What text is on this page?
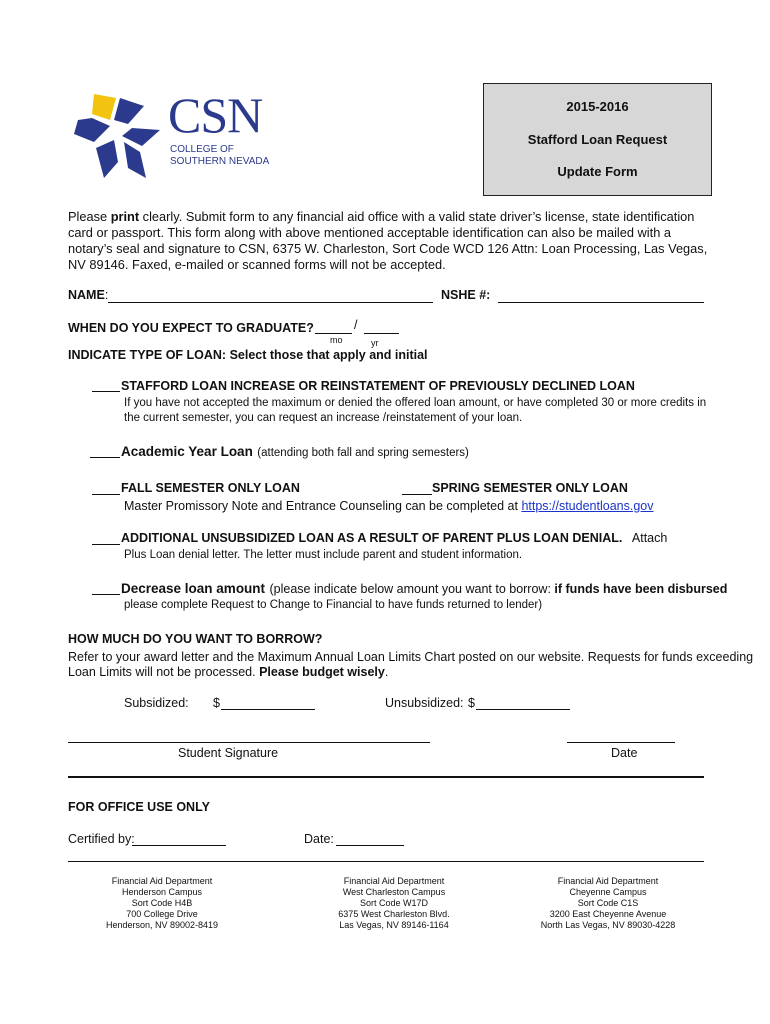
CSN
COLLEGE OF
SOUTHERN NEVADA
2015-2016
Stafford Loan Request
Update Form
Please print clearly. Submit form to any financial aid office with a valid state driver’s license, state identification card or passport. This form along with above mentioned acceptable identification can also be mailed with a notary’s seal and signature to CSN, 6375 W. Charleston, Sort Code WCD 126 Attn: Loan Processing, Las Vegas, NV 89146. Faxed, e-mailed or scanned forms will not be accepted.
NAME:	NSHE #:
WHEN DO YOU EXPECT TO GRADUATE?	/
mo	yr
INDICATE TYPE OF LOAN: Select those that apply and initial
STAFFORD LOAN INCREASE OR REINSTATEMENT OF PREVIOUSLY DECLINED LOAN
If you have not accepted the maximum or denied the offered loan amount, or have completed 30 or more credits in
the current semester, you can request an increase /reinstatement of your loan.
Academic Year Loan (attending both fall and spring semesters)
FALL SEMESTER ONLY LOAN	SPRING SEMESTER ONLY LOAN
Master Promissory Note and Entrance Counseling can be completed at https://studentloans.gov
ADDITIONAL UNSUBSIDIZED LOAN AS A RESULT OF PARENT PLUS LOAN DENIAL. Attach
Plus Loan denial letter. The letter must include parent and student information.
Decrease loan amount (please indicate below amount you want to borrow: if funds have been disbursed
please complete Request to Change to Financial to have funds returned to lender)
HOW MUCH DO YOU WANT TO BORROW?
Refer to your award letter and the Maximum Annual Loan Limits Chart posted on our website. Requests for funds exceeding
Loan Limits will not be processed. Please budget wisely.
Subsidized: $	Unsubsidized: $
Student Signature	Date
FOR OFFICE USE ONLY
Certified by:	Date:
Financial Aid Department
Henderson Campus
Sort Code H4B
700 College Drive
Henderson, NV 89002-8419
Financial Aid Department
West Charleston Campus
Sort Code W17D
6375 West Charleston Blvd.
Las Vegas, NV 89146-1164
Financial Aid Department
Cheyenne Campus
Sort Code C1S
3200 East Cheyenne Avenue
North Las Vegas, NV 89030-4228
